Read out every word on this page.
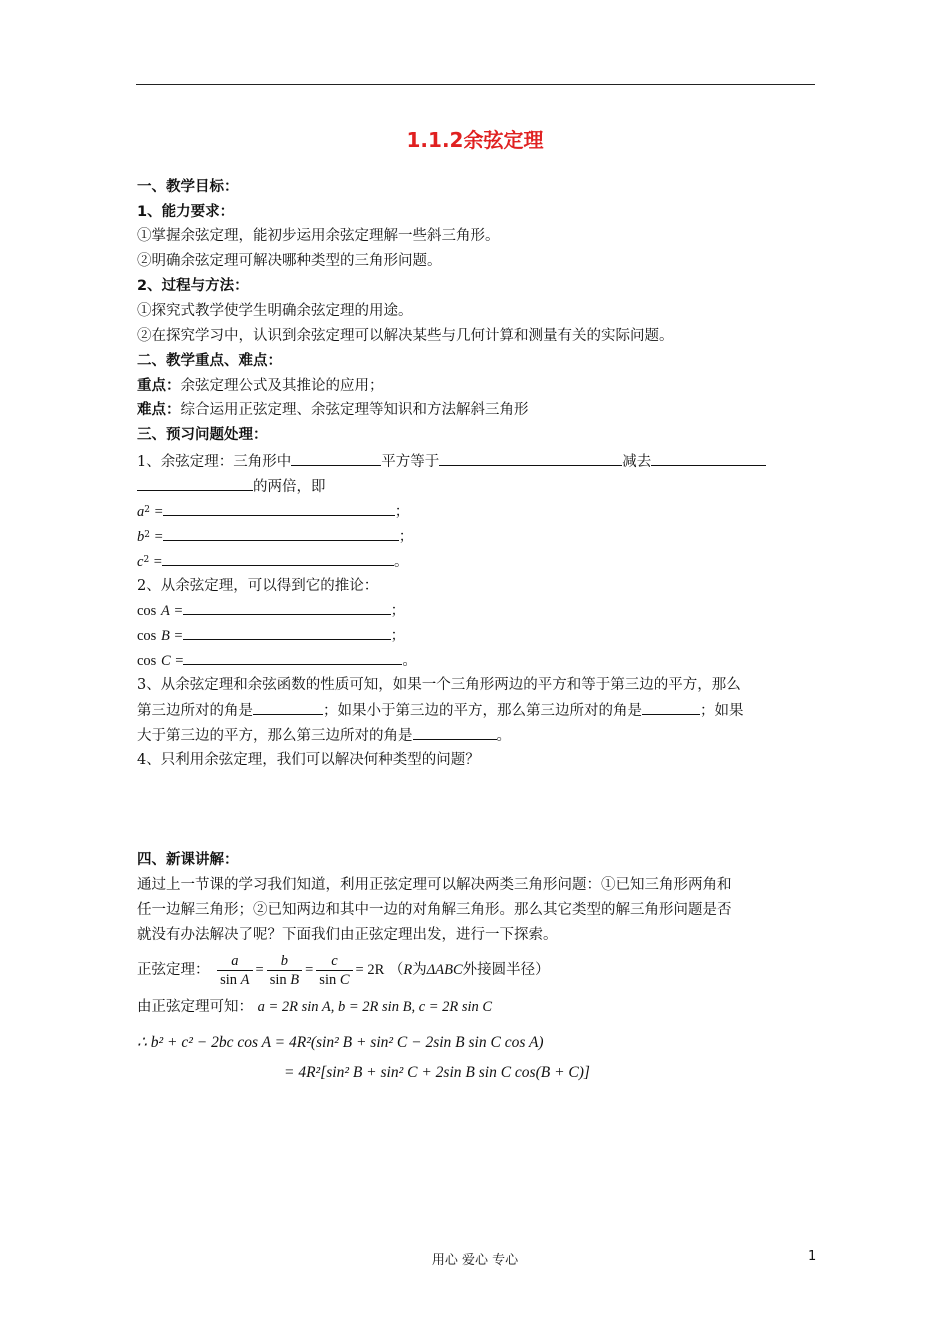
1.1.2余弦定理
一、教学目标：
1、能力要求：
①掌握余弦定理，能初步运用余弦定理解一些斜三角形。
②明确余弦定理可解决哪种类型的三角形问题。
2、过程与方法：
①探究式教学使学生明确余弦定理的用途。
②在探究学习中，认识到余弦定理可以解决某些与几何计算和测量有关的实际问题。
二、教学重点、难点：
重点：余弦定理公式及其推论的应用；
难点：综合运用正弦定理、余弦定理等知识和方法解斜三角形
三、预习问题处理：
1、余弦定理：三角形中	平方等于	减去
的两倍，即
$a^2$ =	；
$b^2$ =	；
$c^2$ =	。
2、从余弦定理，可以得到它的推论：
cos A =	；
cos B =	；
cos C =	。
3、从余弦定理和余弦函数的性质可知，如果一个三角形两边的平方和等于第三边的平方，那么
第三边所对的角是	；如果小于第三边的平方，那么第三边所对的角是	；如果
大于第三边的平方，那么第三边所对的角是	。
4、只利用余弦定理，我们可以解决何种类型的问题？
四、新课讲解：
通过上一节课的学习我们知道，利用正弦定理可以解决两类三角形问题：①已知三角形两角和
任一边解三角形；②已知两边和其中一边的对角解三角形。那么其它类型的解三角形问题是否
就没有办法解决了呢？下面我们由正弦定理出发，进行一下探索。
正弦定理： $\frac{a}{\text{sin A}} = \frac{b}{\text{sin B}} = \frac{c}{\text{sin C}} = 2R$ （R为ΔABC外接圆半径）
由正弦定理可知： a = 2R sin A, b = 2R sin B, c = 2R sin C
∴ b² + c² − 2bc cos A = 4R²(sin² B + sin² C − 2sin B sin C cos A)
= 4R²[sin² B + sin² C + 2sin B sin C cos(B + C)]
用心 爱心 专心	1
